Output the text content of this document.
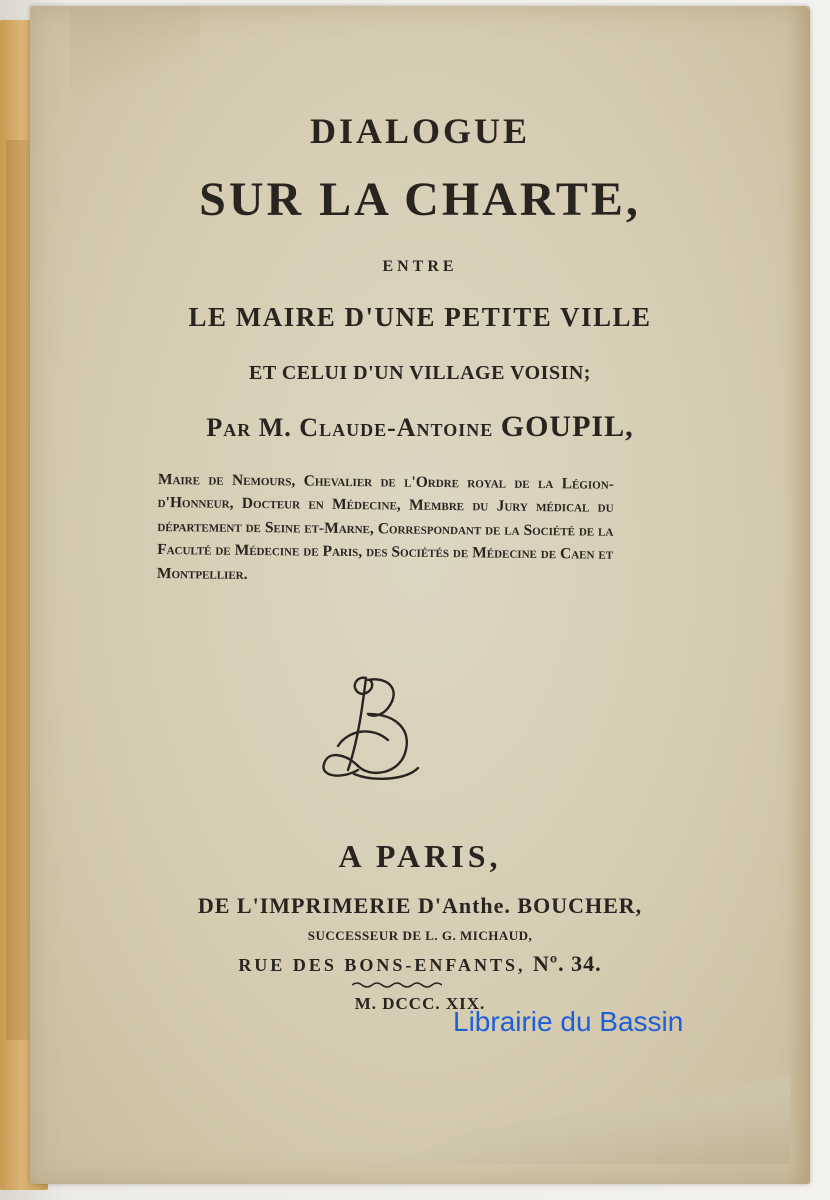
DIALOGUE
SUR LA CHARTE,
ENTRE
LE MAIRE D'UNE PETITE VILLE
ET CELUI D'UN VILLAGE VOISIN;
Par M. Claude-Antoine GOUPIL,
Maire de Nemours, Chevalier de l'Ordre royal de la Légion-d'Honneur, Docteur en Médecine, Membre du Jury médical du département de Seine et-Marne, Correspondant de la Société de la Faculté de Médecine de Paris, des Sociétés de Médecine de Caen et Montpellier.
A PARIS,
DE L'IMPRIMERIE D'Anthe. BOUCHER,
SUCCESSEUR DE L. G. MICHAUD,
RUE DES BONS-ENFANTS, Nº. 34.
M. DCCC. XIX.
Librairie du Bassin
